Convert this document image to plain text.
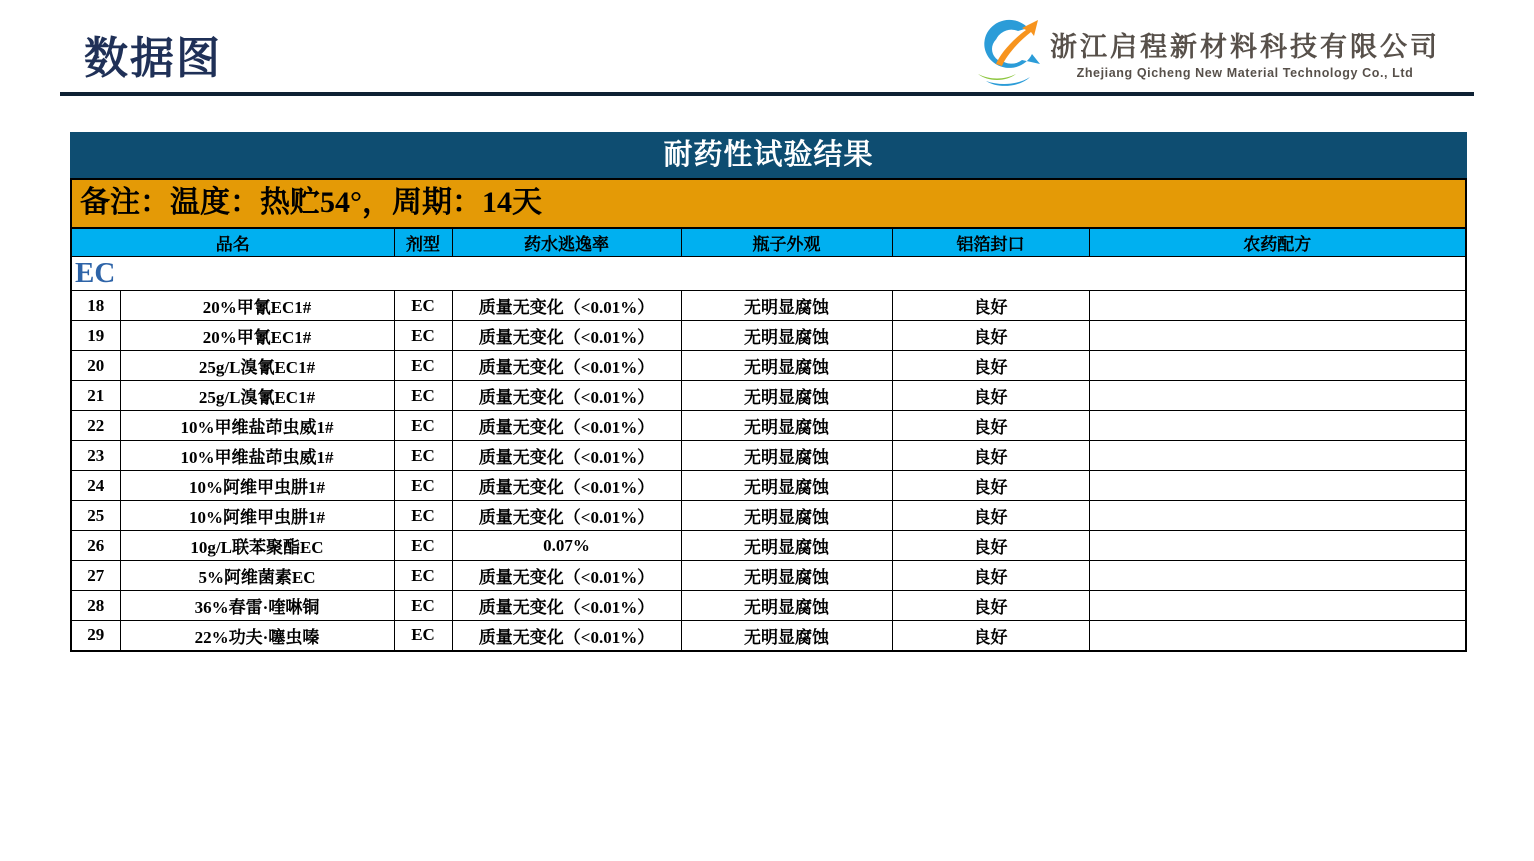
数据图	浙江启程新材料科技有限公司
Zhejiang Qicheng New Material Technology Co., Ltd
耐药性试验结果
备注：温度：热贮54°，周期：14天
品名		剂型	药水逃逸率	瓶子外观	铝箔封口	农药配方
EC						
18	20%甲氰EC1#	EC	质量无变化（<0.01%）	无明显腐蚀	良好	
19	20%甲氰EC1#	EC	质量无变化（<0.01%）	无明显腐蚀	良好	
20	25g/L溴氰EC1#	EC	质量无变化（<0.01%）	无明显腐蚀	良好	
21	25g/L溴氰EC1#	EC	质量无变化（<0.01%）	无明显腐蚀	良好	
22	10%甲维盐茚虫威1#	EC	质量无变化（<0.01%）	无明显腐蚀	良好	
23	10%甲维盐茚虫威1#	EC	质量无变化（<0.01%）	无明显腐蚀	良好	
24	10%阿维甲虫肼1#	EC	质量无变化（<0.01%）	无明显腐蚀	良好	
25	10%阿维甲虫肼1#	EC	质量无变化（<0.01%）	无明显腐蚀	良好	
26	10g/L联苯聚酯EC	EC	0.07%	无明显腐蚀	良好	
27	5%阿维菌素EC	EC	质量无变化（<0.01%）	无明显腐蚀	良好	
28	36%春雷·喹啉铜	EC	质量无变化（<0.01%）	无明显腐蚀	良好	
29	22%功夫·噻虫嗪	EC	质量无变化（<0.01%）	无明显腐蚀	良好	
